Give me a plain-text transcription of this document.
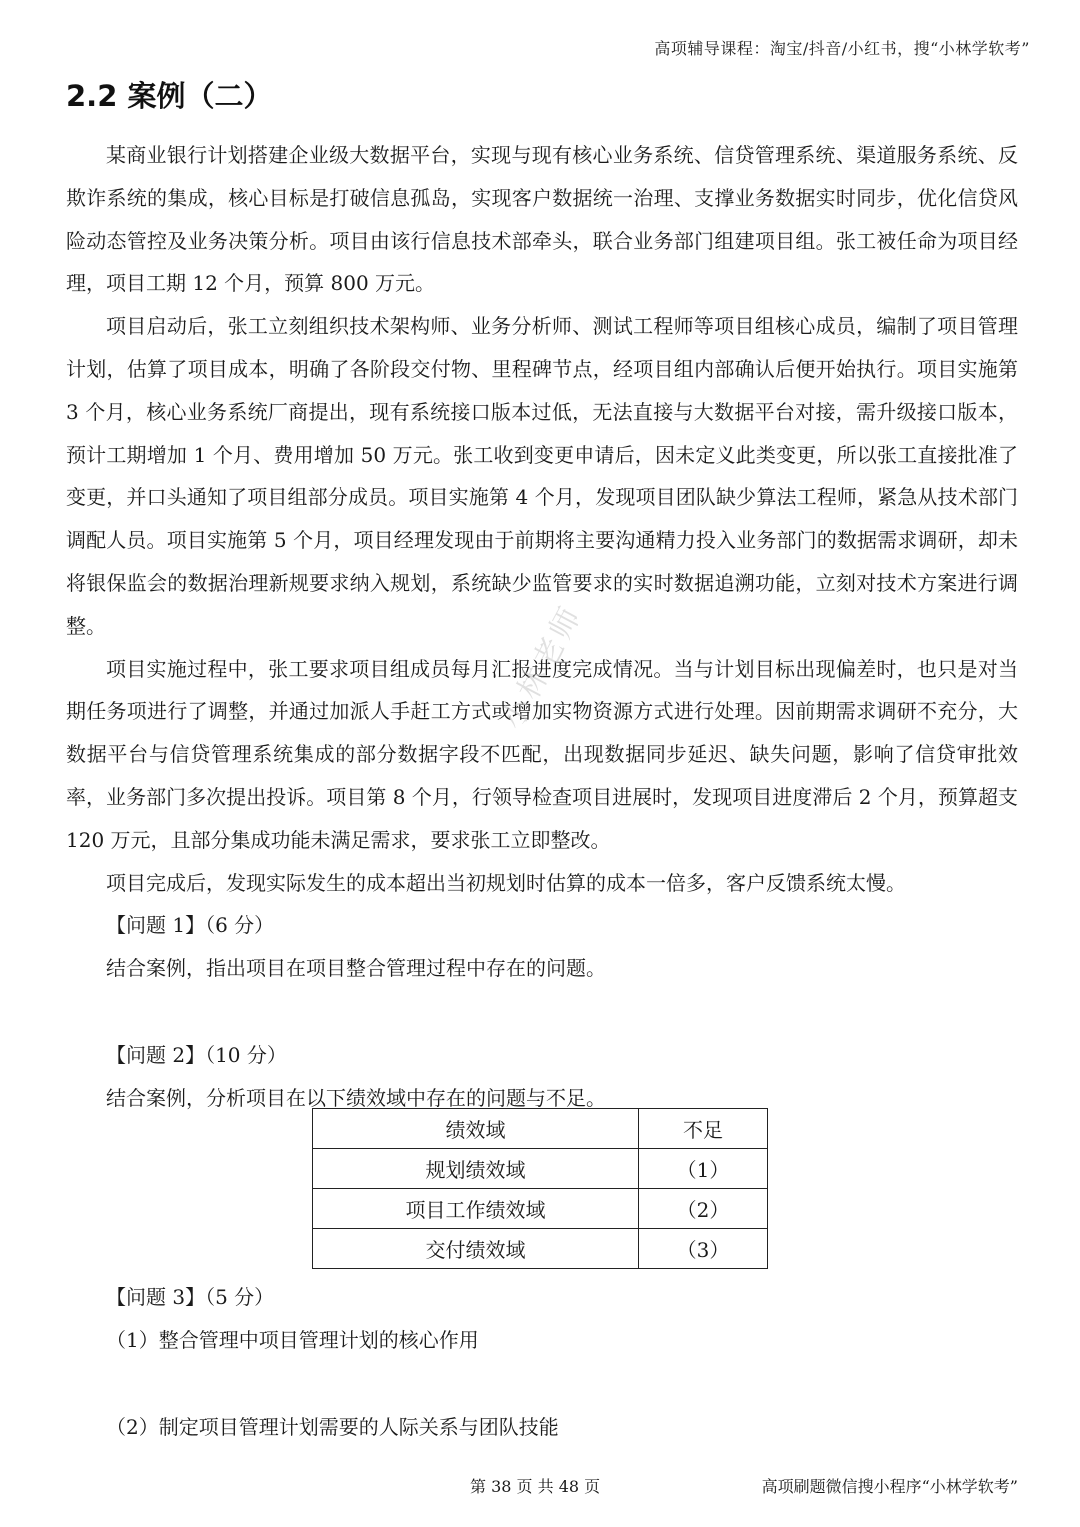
高项辅导课程：淘宝/抖音/小红书，搜“小林学软考”
2.2 案例（二）

某商业银行计划搭建企业级大数据平台，实现与现有核心业务系统、信贷管理系统、渠道服务系统、反欺诈系统的集成，核心目标是打破信息孤岛，实现客户数据统一治理、支撑业务数据实时同步，优化信贷风险动态管控及业务决策分析。项目由该行信息技术部牵头，联合业务部门组建项目组。张工被任命为项目经理，项目工期 12 个月，预算 800 万元。

项目启动后，张工立刻组织技术架构师、业务分析师、测试工程师等项目组核心成员，编制了项目管理计划，估算了项目成本，明确了各阶段交付物、里程碑节点，经项目组内部确认后便开始执行。项目实施第 3 个月，核心业务系统厂商提出，现有系统接口版本过低，无法直接与大数据平台对接，需升级接口版本，预计工期增加 1 个月、费用增加 50 万元。张工收到变更申请后，因未定义此类变更，所以张工直接批准了变更，并口头通知了项目组部分成员。项目实施第 4 个月，发现项目团队缺少算法工程师，紧急从技术部门调配人员。项目实施第 5 个月，项目经理发现由于前期将主要沟通精力投入业务部门的数据需求调研，却未将银保监会的数据治理新规要求纳入规划，系统缺少监管要求的实时数据追溯功能，立刻对技术方案进行调整。

项目实施过程中，张工要求项目组成员每月汇报进度完成情况。当与计划目标出现偏差时，也只是对当期任务项进行了调整，并通过加派人手赶工方式或增加实物资源方式进行处理。因前期需求调研不充分，大数据平台与信贷管理系统集成的部分数据字段不匹配，出现数据同步延迟、缺失问题，影响了信贷审批效率，业务部门多次提出投诉。项目第 8 个月，行领导检查项目进展时，发现项目进度滞后 2 个月，预算超支 120 万元，且部分集成功能未满足需求，要求张工立即整改。

项目完成后，发现实际发生的成本超出当初规划时估算的成本一倍多，客户反馈系统太慢。

【问题 1】（6 分）
结合案例，指出项目在项目整合管理过程中存在的问题。
【问题 2】（10 分）
结合案例，分析项目在以下绩效域中存在的问题与不足。
绩效域	不足
规划绩效域	（1）
项目工作绩效域	（2）
交付绩效域	（3）

【问题 3】（5 分）

（1）整合管理中项目管理计划的核心作用

（2）制定项目管理计划需要的人际关系与团队技能

小林老师
第 38 页 共 48 页	高项刷题微信搜小程序“小林学软考”
